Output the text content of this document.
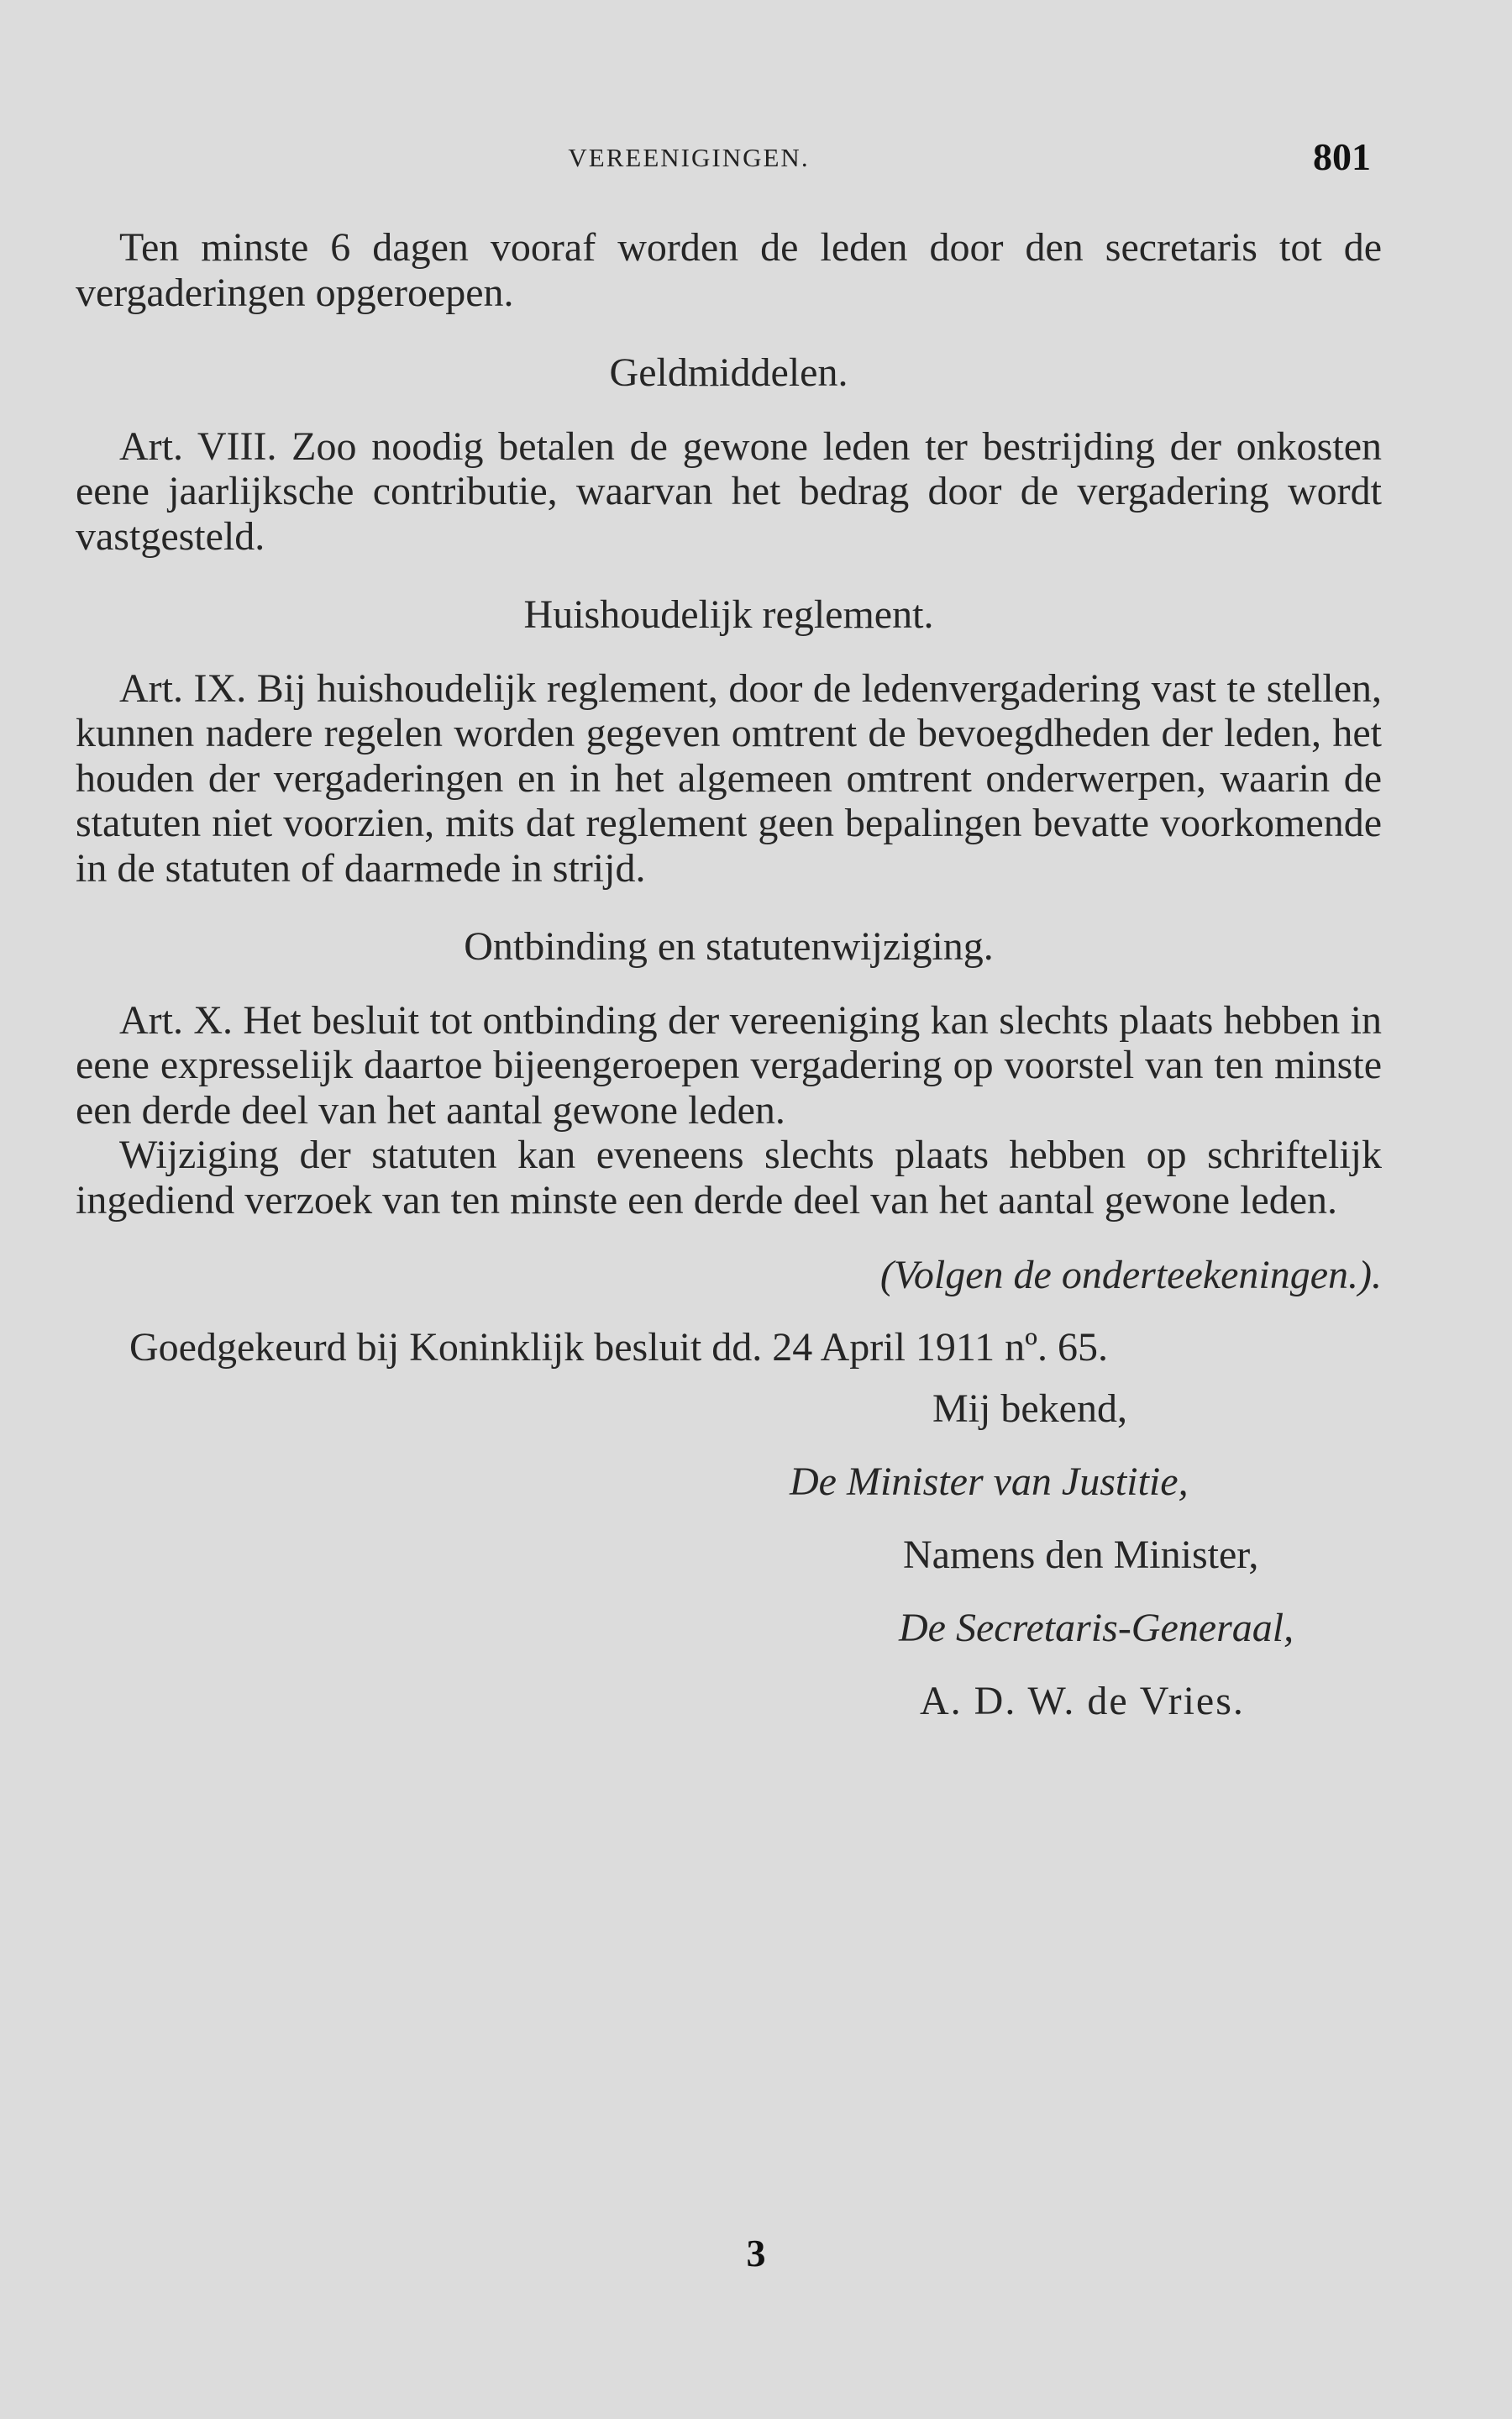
VEREENIGINGEN.	801

Ten minste 6 dagen vooraf worden de leden door den secretaris tot de vergaderingen opgeroepen.

Geldmiddelen.

Art. VIII. Zoo noodig betalen de gewone leden ter bestrijding der onkosten eene jaarlijksche contributie, waarvan het bedrag door de vergadering wordt vastgesteld.

Huishoudelijk reglement.

Art. IX. Bij huishoudelijk reglement, door de ledenvergadering vast te stellen, kunnen nadere regelen worden gegeven omtrent de bevoegdheden der leden, het houden der vergaderingen en in het algemeen omtrent onderwerpen, waarin de statuten niet voorzien, mits dat reglement geen bepalingen bevatte voorkomende in de statuten of daarmede in strijd.

Ontbinding en statutenwijziging.

Art. X. Het besluit tot ontbinding der vereeniging kan slechts plaats hebben in eene expresselijk daartoe bijeengeroepen vergadering op voorstel van ten minste een derde deel van het aantal gewone leden.

Wijziging der statuten kan eveneens slechts plaats hebben op schriftelijk ingediend verzoek van ten minste een derde deel van het aantal gewone leden.

(Volgen de onderteekeningen.).

Goedgekeurd bij Koninklijk besluit dd. 24 April 1911 nº. 65.

Mij bekend,

De Minister van Justitie,

Namens den Minister,

De Secretaris-Generaal,

A. D. W. de Vries.

3
